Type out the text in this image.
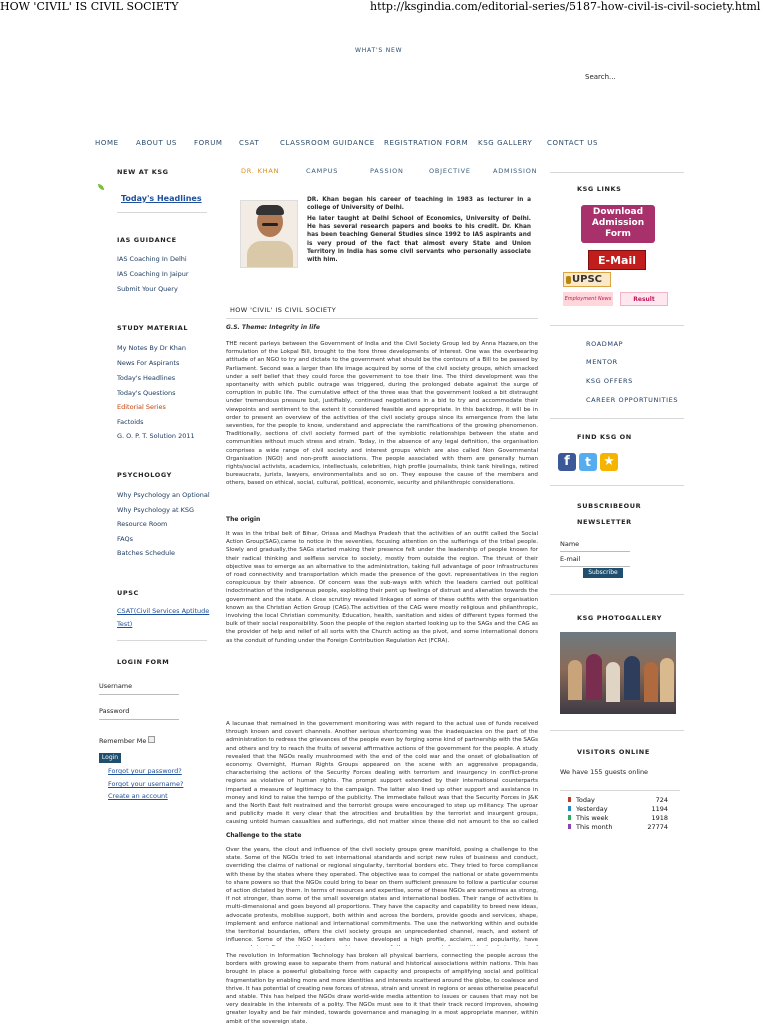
HOW 'CIVIL' IS CIVIL SOCIETY	http://ksgindia.com/editorial-series/5187-how-civil-is-civil-society.html
WHAT'S NEW
Search...
HOME ABOUT US FORUM CSAT	CLASSROOM GUIDANCE REGISTRATION FORM KSG GALLERY CONTACT US
NEW AT KSG
Today's Headlines
IAS GUIDANCE
IAS Coaching In Delhi
IAS Coaching In Jaipur
Submit Your Query
STUDY MATERIAL
My Notes By Dr Khan
News For Aspirants
Today's Headlines
Today's Questions
Editorial Series
Factoids
G. O. P. T. Solution 2011
PSYCHOLOGY
Why Psychology an Optional
Why Psychology at KSG
Resource Room
FAQs
Batches Schedule
UPSC
CSAT(Civil Services Aptitude
Test)
LOGIN FORM
Username
Password
Remember Me
Login
Forgot your password?
Forgot your username?
Create an account
DR. KHAN	CAMPUS	PASSION	OBJECTIVE	ADMISSION
DR. Khan began his career of teaching in 1983 as lecturer in a college of University of Delhi.
He later taught at Delhi School of Economics, University of Delhi. He has several research papers and books to his credit. Dr. Khan has been teaching General Studies since 1992 to IAS aspirants and is very proud of the fact that almost every State and Union Territory in India has some civil servants who personally associate with him.
HOW 'CIVIL' IS CIVIL SOCIETY
G.S. Theme: Integrity in life
THE recent parleys between the Government of India and the Civil Society Group led by Anna Hazare,on the formulation of the Lokpal Bill, brought to the fore three developments of interest. One was the overbearing attitude of an NGO to try and dictate to the government what should be the contours of a Bill to be passed by Parliament. Second was a larger than life image acquired by some of the civil society groups, which smacked under a self belief that they could force the government to toe their line. The third development was the spontaneity with which public outrage was triggered, during the prolonged debate against the surge of corruption in public life. The cumulative effect of the three was that the government looked a bit distraught under tremendous pressure but, justifiably, continued negotiations in a bid to try and accommodate their viewpoints and sentiment to the extent it considered feasible and appropriate. In this backdrop, it will be in order to present an overview of the activities of the civil society groups since its emergence from the late seventies, for the people to know, understand and appreciate the ramifications of the growing phenomenon. Traditionally, sections of civil society formed part of the symbiotic relationships between the state and communities without much stress and strain. Today, in the absence of any legal definition, the organisation comprises a wide range of civil society and interest groups which are also called Non Governmental Organisation (NGO) and non-profit associations. The people associated with them are generally human rights/social activists, academics, intellectuals, celebrities, high profile journalists, think tank hirelings, retired bureaucrats, jurists, lawyers, environmentalists and so on. They espouse the cause of the members and others, based on ethical, social, cultural, political, economic, security and philanthropic considerations.
The origin
It was in the tribal belt of Bihar, Orissa and Madhya Pradesh that the activities of an outfit called the Social Action Group(SAG),came to notice in the seventies, focusing attention on the sufferings of the tribal people. Slowly and gradually,the SAGs started making their presence felt under the leadership of people known for their radical thinking and selfless service to society, mostly from outside the region. The thrust of their objective was to emerge as an alternative to the administration, taking full advantage of poor infrastructures of road connectivity and transportation which made the presence of the govt. representatives in the region conspicuous by their absence. Of concern was the sub-ways with which the leaders carried out political indoctrination of the indigenous people, exploiting their pent up feelings of distrust and alienation towards the government and the state. A close scrutiny revealed linkages of some of these outfits with the organisation known as the Christian Action Group (CAG).The activities of the CAG were mostly religious and philanthropic, involving the local Christian community. Education, health, sanitation and sides of different types formed the bulk of their social responsibility. Soon the people of the region started looking up to the SAGs and the CAG as the provider of help and relief of all sorts with the Church acting as the pivot, and some international donors as the conduit of funding under the Foreign Contribution Regulation Act (FCRA).
A lacunae that remained in the government monitoring was with regard to the actual use of funds received through known and covert channels. Another serious shortcoming was the inadequacies on the part of the administration to redress the grievances of the people even by forging some kind of partnership with the SAGs and others and try to reach the fruits of several affirmative actions of the government for the people. A study revealed that the NGOs really mushroomed with the end of the cold war and the onset of globalisation of economy. Overnight, Human Rights Groups appeared on the scene with an aggressive propaganda, characterising the actions of the Security Forces dealing with terrorism and insurgency in conflict-prone regions as violative of human rights. The prompt support extended by their international counterparts imparted a measure of legitimacy to the campaign. The latter also lined up other support and assistance in money and kind to raise the tempo of the publicity. The immediate fallout was that the Security Forces in J&K and the North East felt restrained and the terrorist groups were encouraged to step up militancy. The uproar and publicity made it very clear that the atrocities and brutalities by the terrorist and insurgent groups, causing untold human casualties and sufferings, did not matter since these did not amount to the so called
Challenge to the state
Over the years, the clout and influence of the civil society groups grew manifold, posing a challenge to the state. Some of the NGOs tried to set international standards and script new rules of business and conduct, overriding the claims of national or regional singularity, territorial borders etc. They tried to force compliance with these by the states where they operated. The objective was to compel the national or state governments to share powers so that the NGOs could bring to bear on them sufficient pressure to follow a particular course of action dictated by them. In terms of resources and expertise, some of these NGOs are sometimes as strong, if not stronger, than some of the small sovereign states and international bodies. Their range of activities is multi-dimensional and goes beyond all proportions. They have the capacity and capability to breed new ideas, advocate protests, mobilise support, both within and across the borders, provide goods and services, shape, implement and enforce national and international commitments. The use the networking within and outside the territorial boundaries, offers the civil society groups an unprecedented channel, reach, and extent of influence. Some of the NGO leaders who have developed a high profile, acclaim, and popularity, have
The revolution in Information Technology has broken all physical barriers, connecting the people across the borders with growing ease to separate them from natural and historical associations within nations. This has brought in place a powerful globalising force with capacity and prospects of amplifying social and political fragmentation by enabling more and more identities and interests scattered around the globe, to coalesce and thrive. It has potential of creating new forces of stress, strain and unrest in regions or areas otherwise peaceful and stable. This has helped the NGOs draw world-wide media attention to issues or causes that may not be very desirable in the interests of a polity. The NGOs must see to it that their track record improves, showing greater loyalty and be fair minded, towards governance and managing in a most appropriate manner, within ambit of the sovereign state.
KSG LINKS
Download
Admission
Form
E-Mail
UPSC
Employment News	Result
ROADMAP
MENTOR
KSG OFFERS
CAREER OPPORTUNITIES
FIND KSG ON
f	t ★
SUBSCRIBEOUR
NEWSLETTER
Name
E-mail
Subscribe
KSG PHOTOGALLERY
VISITORS ONLINE
We have 155 guests online
Today	724
Yesterday	1194
This week	1918
This month	27774
